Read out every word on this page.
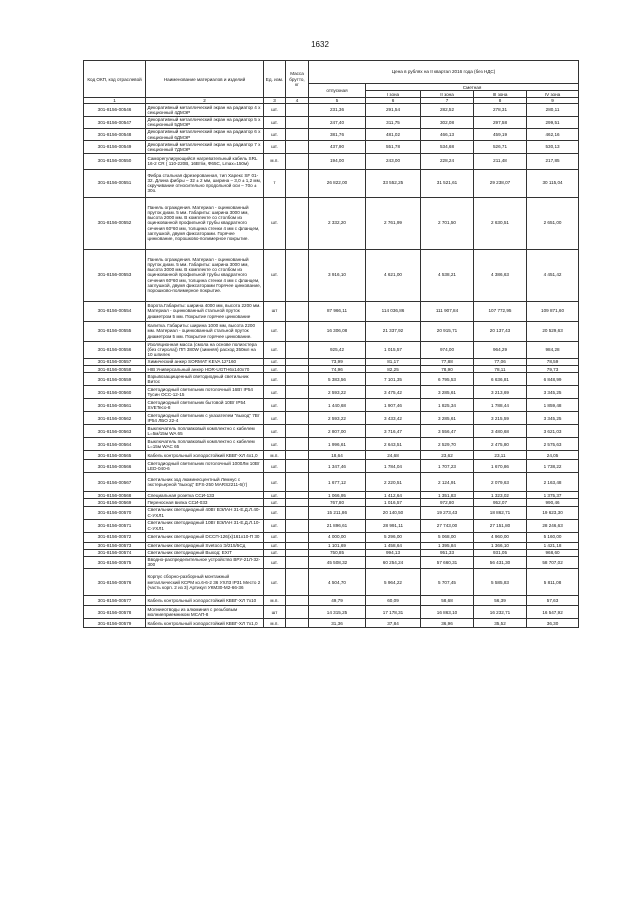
1632
Код ОКП, код отраслевой	Наименование материалов и изделий	Ед. изм.	Масса брутто, кг	Цена в рублях на II квартал 2016 года (без НДС)				
				отпускная	Сметная			
					I зона	II зона	III зона	IV зона
1	2	3	4	5	6	7	8	9
301-8156-00546	Декоративный металлический экран на радиатор 4 х секционный 4ДМЭР	шт.		231,36	291,54	282,52	278,31	280,11
301-8156-00547	Декоративный металлический экран на радиатор 5 х секционный 5ДМЭР	шт.		247,40	311,75	302,08	297,58	299,51
301-8156-00548	Декоративный металлический экран на радиатор 6 х секционный 6ДМЭР	шт.		381,76	481,02	466,13	459,19	462,16
301-8156-00549	Декоративный металлический экран на радиатор 7 х секционный 7ДМЭР	шт.		437,90	551,78	534,68	526,71	530,13
301-8156-00550	Саморегулирующийся нагревательный кабель SRL 16-2 CR ( 110-220В, 16Вт/м, Ф65С, Lmax=150м)	м.п.		194,00	243,00	228,24	211,48	217,85
301-8156-00551	Фибра стальная фрезерованная, тип Харекс SF 01-32. Длина фибры – 32 ± 2 мм, ширина – 3,0 ± 1,2 мм, скручивание относительно продольной оси – 70о ± 30о.	т		26 822,00	33 552,25	31 521,61	29 238,07	30 115,04
301-8156-00552	Панель ограждения. Материал - оцинкованный пруток диам. 5 мм. Габариты: ширина 3000 мм, высота 2000 мм. В комплекте со столбом из оцинкованной профильной трубы квадратного сечения 60*60 мм, толщина стенки 4 мм с фланцем, заглушкой, двумя фиксаторами. Горячее цинкование, порошково-полимерное покрытие.	шт.		2 332,20	2 761,99	2 701,50	2 630,51	2 651,00
301-8156-00553	Панель ограждения. Материал - оцинкованный пруток диам. 5 мм. Габариты: ширина 3000 мм, высота 3000 мм. В комплекте со столбом из оцинкованной профильной трубы квадратного сечения 60*60 мм, толщина стенки 4 мм с фланцем, заглушкой, двумя фиксаторами Горячее цинкование, порошково-полимерное покрытие.	шт.		3 916,10	4 621,00	4 538,21	4 386,63	4 451,42
301-8156-00554	Ворота.Габариты: ширина 4000 мм, высота 2200 мм. Материал - оцинкованный стальной пруток диаметром 5 мм. Покрытие горячее цинкование	шт		87 966,11	114 036,86	111 907,84	107 772,95	109 871,60
301-8156-00555	Калитка. Габариты: ширина 1000 мм, высота 2200 мм. Материал - оцинкованный стальной пруток диаметром 5 мм. Покрытие горячее цинкование.	шт.		16 306,08	21 337,92	20 915,71	20 137,43	20 529,63
301-8156-00556	Изоляционная масса (смола на основе полиэстера (без стирола)) ПП 380W (зимняя) расход 350мл на 10 шпилек	шт.		925,42	1 015,57	974,00	964,29	984,28
301-8156-00557	Химический анкер SORMAT KEVA 12*160	шт.		73,99	81,17	77,88	77,06	78,59
301-8156-00558	HIB Универсальный анкер HDR-UGTH6x140x70	шт.		74,96	82,25	78,90	78,11	79,73
301-8156-00559	Взрывозащищенный светодиодный светильник Витос	шт.		5 383,56	7 101,35	6 795,53	6 636,81	6 848,99
301-8156-00560	Светодиодный светильник потолочный 16Вт IP54 Тусин ОСС-12-15	шт.		2 593,22	3 475,42	3 285,61	3 213,69	3 345,25
301-8156-00561	Светодиодный светильник бытовой 10Вт IP54 SVETeco-8	шт.		1 440,68	1 907,46	1 825,34	1 788,44	1 859,48
301-8156-00562	Светодиодный светильник с указателем "выход" 7Вт IP54 ЛБО 22-4	шт.		2 593,22	3 433,42	3 285,61	3 215,59	3 345,25
301-8156-00563	Выключатель поплавковый комплектно с кабелем L=5м/15м WA 65	шт.		2 807,00	3 716,47	3 556,47	3 480,68	3 621,03
301-8156-00564	Выключатель поплавковый комплектно с кабелем L=15м WAC 65	шт.		1 996,61	2 643,51	2 529,70	2 475,80	2 575,63
301-8156-00565	Кабель контрольный холодостойкий КВВГ-ХЛ 4х1,0	м.п.		18,64	24,68	23,62	23,11	24,05
301-8156-00566	Светодиодный светильник потолочный 1000Лм 10Вт LED-040-6	шт.		1 347,46	1 784,04	1 707,23	1 670,86	1 738,22
301-8156-00567	Светильник зод люминесцентный Лемнус с экстерьерной "выход" EFS-250 MARS2211-6(т)	шт.		1 677,12	2 220,51	2 124,91	2 079,63	2 163,48
301-8156-00568	Специальная розетка ССИ-133	шт.		1 066,95	1 412,64	1 351,83	1 323,02	1 375,37
301-8156-00569	Переносная вилка ССИ-033	шт.		767,80	1 016,57	972,80	952,07	990,46
301-8156-00570	Светильник светодиодный 40Вт ВЭЛАН 31-Е.Д.Л.40-С-УХЛ1	шт.		15 211,86	20 140,50	19 273,43	18 862,71	19 623,30
301-8156-00571	Светильник светодиодный 10Вт ВЭЛАН 31-Е.Д.Л.10-С-УХЛ1	шт.		21 896,61	28 991,11	27 743,00	27 151,80	28 246,63
301-8156-00572	Светильник светодиодный DCCП-126(х)161х10-П 30	шт.		4 000,00	5 296,00	5 068,00	4 960,00	5 160,00
301-8156-00573	Светильник светодиодный Svetoco Э/215/5Сд	шт.		1 101,69	1 458,64	1 395,84	1 366,10	1 421,18
301-8156-00574	Светильник светодиодный Выход: EXIT	шт.		750,85	994,13	951,33	931,05	968,60
301-8156-00575	Вводно-распределительное устройство ВРУ-21Л-32-300	шт.		45 508,32	60 254,24	57 660,31	56 431,30	58 707,02
301-8156-00576	Корпус сборно-разборный монтажный металлический КСРМ ко.6-6-2 36 УХЛ3 IP31 Место 2 (часть корп. 2 из 3) Артикул УКМ30-М2-66-36	шт.		4 504,70	5 964,22	5 707,45	5 585,83	5 811,08
301-8156-00577	Кабель контрольный холодостойкий КВВГ-ХЛ 7х10	м.п.		49,79	60,09	58,68	56,39	57,63
301-8156-00578	Молниеотводы из алюминия с резьбовым молниеприемником МСАП-8	шт		14 315,25	17 178,31	16 863,10	16 232,71	16 547,92
301-8156-00579	Кабель контрольный холодостойкий КВВГ-ХЛ 7х1,0	м.п.		31,36	37,84	36,96	35,52	36,30
